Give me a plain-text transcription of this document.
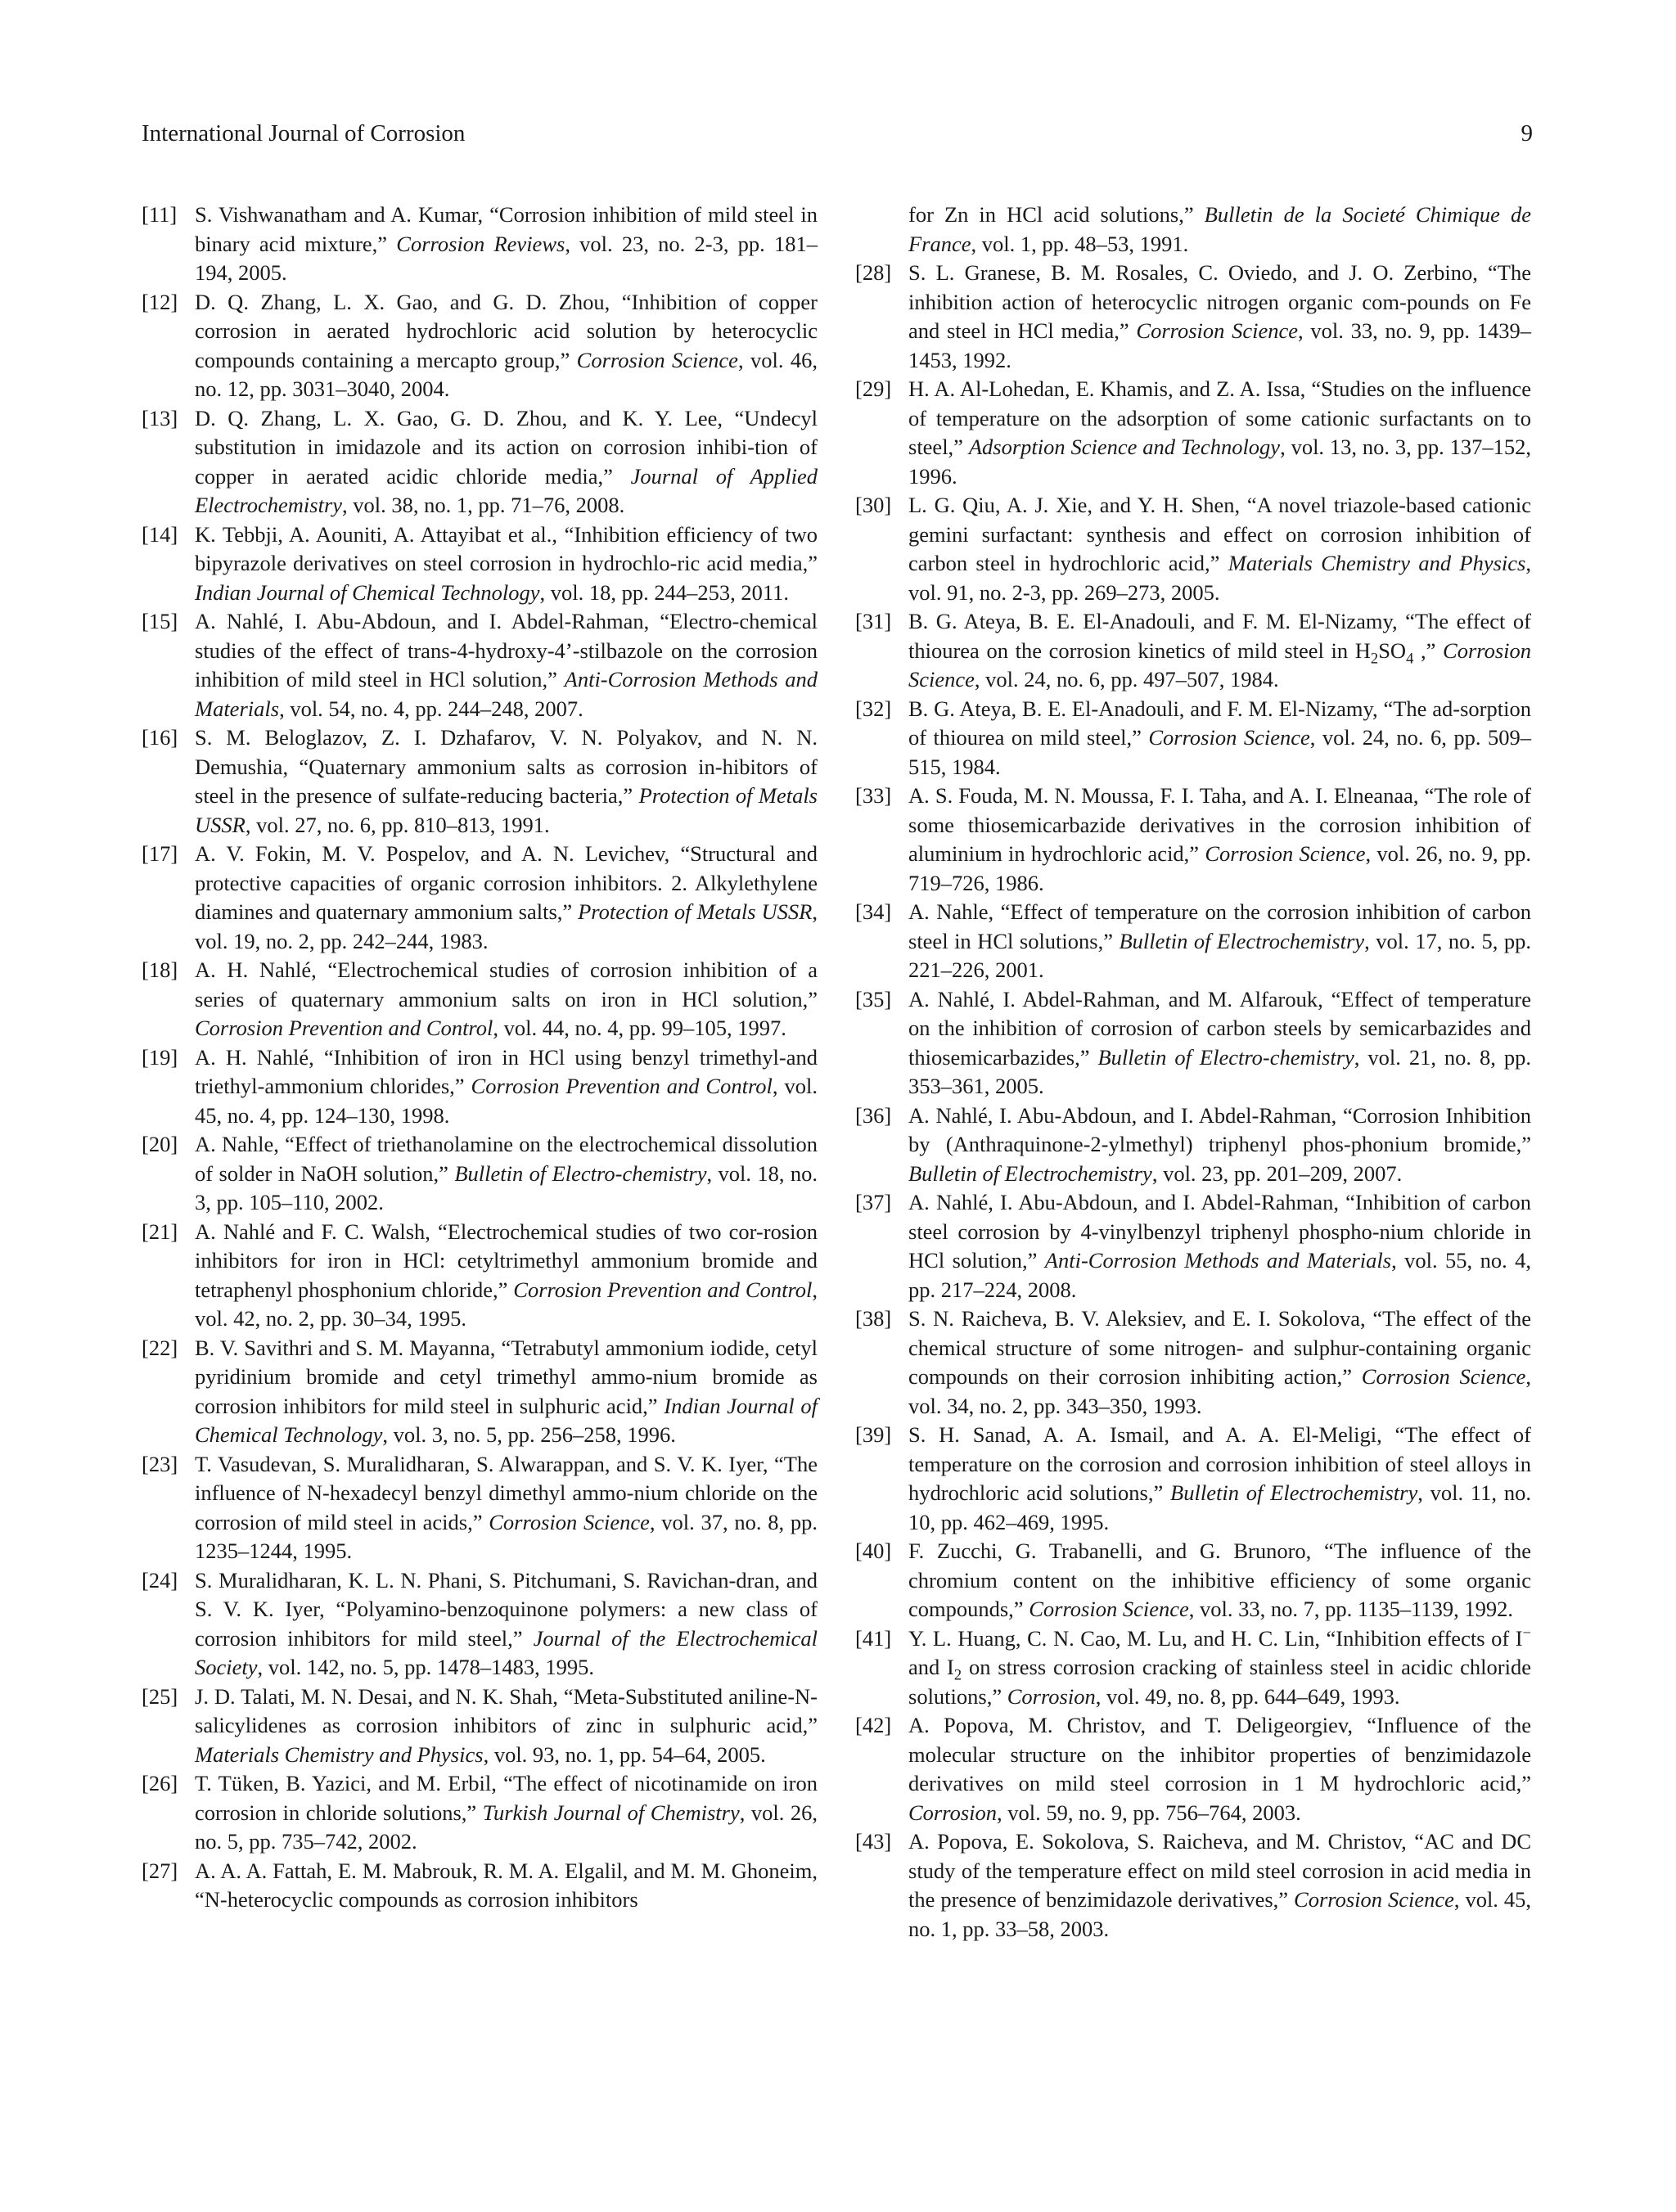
International Journal of Corrosion	9

[11] S. Vishwanatham and A. Kumar, “Corrosion inhibition of mild steel in binary acid mixture,” Corrosion Reviews, vol. 23, no. 2-3, pp. 181–194, 2005.

[12] D. Q. Zhang, L. X. Gao, and G. D. Zhou, “Inhibition of copper corrosion in aerated hydrochloric acid solution by heterocyclic compounds containing a mercapto group,” Corrosion Science, vol. 46, no. 12, pp. 3031–3040, 2004.

[13] D. Q. Zhang, L. X. Gao, G. D. Zhou, and K. Y. Lee, “Undecyl substitution in imidazole and its action on corrosion inhibi-tion of copper in aerated acidic chloride media,” Journal of Applied Electrochemistry, vol. 38, no. 1, pp. 71–76, 2008.

[14] K. Tebbji, A. Aouniti, A. Attayibat et al., “Inhibition efficiency of two bipyrazole derivatives on steel corrosion in hydrochlo-ric acid media,” Indian Journal of Chemical Technology, vol. 18, pp. 244–253, 2011.

[15] A. Nahlé, I. Abu-Abdoun, and I. Abdel-Rahman, “Electro-chemical studies of the effect of trans-4-hydroxy-4’-stilbazole on the corrosion inhibition of mild steel in HCl solution,” Anti-Corrosion Methods and Materials, vol. 54, no. 4, pp. 244–248, 2007.

[16] S. M. Beloglazov, Z. I. Dzhafarov, V. N. Polyakov, and N. N. Demushia, “Quaternary ammonium salts as corrosion in-hibitors of steel in the presence of sulfate-reducing bacteria,” Protection of Metals USSR, vol. 27, no. 6, pp. 810–813, 1991.

[17] A. V. Fokin, M. V. Pospelov, and A. N. Levichev, “Structural and protective capacities of organic corrosion inhibitors. 2. Alkylethylene diamines and quaternary ammonium salts,” Protection of Metals USSR, vol. 19, no. 2, pp. 242–244, 1983.

[18] A. H. Nahlé, “Electrochemical studies of corrosion inhibition of a series of quaternary ammonium salts on iron in HCl solution,” Corrosion Prevention and Control, vol. 44, no. 4, pp. 99–105, 1997.

[19] A. H. Nahlé, “Inhibition of iron in HCl using benzyl trimethyl-and triethyl-ammonium chlorides,” Corrosion Prevention and Control, vol. 45, no. 4, pp. 124–130, 1998.

[20] A. Nahle, “Effect of triethanolamine on the electrochemical dissolution of solder in NaOH solution,” Bulletin of Electro-chemistry, vol. 18, no. 3, pp. 105–110, 2002.

[21] A. Nahlé and F. C. Walsh, “Electrochemical studies of two cor-rosion inhibitors for iron in HCl: cetyltrimethyl ammonium bromide and tetraphenyl phosphonium chloride,” Corrosion Prevention and Control, vol. 42, no. 2, pp. 30–34, 1995.

[22] B. V. Savithri and S. M. Mayanna, “Tetrabutyl ammonium iodide, cetyl pyridinium bromide and cetyl trimethyl ammo-nium bromide as corrosion inhibitors for mild steel in sulphuric acid,” Indian Journal of Chemical Technology, vol. 3, no. 5, pp. 256–258, 1996.

[23] T. Vasudevan, S. Muralidharan, S. Alwarappan, and S. V. K. Iyer, “The influence of N-hexadecyl benzyl dimethyl ammo-nium chloride on the corrosion of mild steel in acids,” Corrosion Science, vol. 37, no. 8, pp. 1235–1244, 1995.

[24] S. Muralidharan, K. L. N. Phani, S. Pitchumani, S. Ravichan-dran, and S. V. K. Iyer, “Polyamino-benzoquinone polymers: a new class of corrosion inhibitors for mild steel,” Journal of the Electrochemical Society, vol. 142, no. 5, pp. 1478–1483, 1995.

[25] J. D. Talati, M. N. Desai, and N. K. Shah, “Meta-Substituted aniline-N-salicylidenes as corrosion inhibitors of zinc in sulphuric acid,” Materials Chemistry and Physics, vol. 93, no. 1, pp. 54–64, 2005.

[26] T. Tüken, B. Yazici, and M. Erbil, “The effect of nicotinamide on iron corrosion in chloride solutions,” Turkish Journal of Chemistry, vol. 26, no. 5, pp. 735–742, 2002.

[27] A. A. A. Fattah, E. M. Mabrouk, R. M. A. Elgalil, and M. M. Ghoneim, “N-heterocyclic compounds as corrosion inhibitors

for Zn in HCl acid solutions,” Bulletin de la Societé Chimique de France, vol. 1, pp. 48–53, 1991.

[28] S. L. Granese, B. M. Rosales, C. Oviedo, and J. O. Zerbino, “The inhibition action of heterocyclic nitrogen organic com-pounds on Fe and steel in HCl media,” Corrosion Science, vol. 33, no. 9, pp. 1439–1453, 1992.

[29] H. A. Al-Lohedan, E. Khamis, and Z. A. Issa, “Studies on the influence of temperature on the adsorption of some cationic surfactants on to steel,” Adsorption Science and Technology, vol. 13, no. 3, pp. 137–152, 1996.

[30] L. G. Qiu, A. J. Xie, and Y. H. Shen, “A novel triazole-based cationic gemini surfactant: synthesis and effect on corrosion inhibition of carbon steel in hydrochloric acid,” Materials Chemistry and Physics, vol. 91, no. 2-3, pp. 269–273, 2005.

[31] B. G. Ateya, B. E. El-Anadouli, and F. M. El-Nizamy, “The effect of thiourea on the corrosion kinetics of mild steel in $H_2SO_4$ ,” Corrosion Science, vol. 24, no. 6, pp. 497–507, 1984.

[32] B. G. Ateya, B. E. El-Anadouli, and F. M. El-Nizamy, “The ad-sorption of thiourea on mild steel,” Corrosion Science, vol. 24, no. 6, pp. 509–515, 1984.

[33] A. S. Fouda, M. N. Moussa, F. I. Taha, and A. I. Elneanaa, “The role of some thiosemicarbazide derivatives in the corrosion inhibition of aluminium in hydrochloric acid,” Corrosion Science, vol. 26, no. 9, pp. 719–726, 1986.

[34] A. Nahle, “Effect of temperature on the corrosion inhibition of carbon steel in HCl solutions,” Bulletin of Electrochemistry, vol. 17, no. 5, pp. 221–226, 2001.

[35] A. Nahlé, I. Abdel-Rahman, and M. Alfarouk, “Effect of temperature on the inhibition of corrosion of carbon steels by semicarbazides and thiosemicarbazides,” Bulletin of Electro-chemistry, vol. 21, no. 8, pp. 353–361, 2005.

[36] A. Nahlé, I. Abu-Abdoun, and I. Abdel-Rahman, “Corrosion Inhibition by (Anthraquinone-2-ylmethyl) triphenyl phos-phonium bromide,” Bulletin of Electrochemistry, vol. 23, pp. 201–209, 2007.

[37] A. Nahlé, I. Abu-Abdoun, and I. Abdel-Rahman, “Inhibition of carbon steel corrosion by 4-vinylbenzyl triphenyl phospho-nium chloride in HCl solution,” Anti-Corrosion Methods and Materials, vol. 55, no. 4, pp. 217–224, 2008.

[38] S. N. Raicheva, B. V. Aleksiev, and E. I. Sokolova, “The effect of the chemical structure of some nitrogen- and sulphur-containing organic compounds on their corrosion inhibiting action,” Corrosion Science, vol. 34, no. 2, pp. 343–350, 1993.

[39] S. H. Sanad, A. A. Ismail, and A. A. El-Meligi, “The effect of temperature on the corrosion and corrosion inhibition of steel alloys in hydrochloric acid solutions,” Bulletin of Electrochemistry, vol. 11, no. 10, pp. 462–469, 1995.

[40] F. Zucchi, G. Trabanelli, and G. Brunoro, “The influence of the chromium content on the inhibitive efficiency of some organic compounds,” Corrosion Science, vol. 33, no. 7, pp. 1135–1139, 1992.

[41] Y. L. Huang, C. N. Cao, M. Lu, and H. C. Lin, “Inhibition effects of I− and $I_2$ on stress corrosion cracking of stainless steel in acidic chloride solutions,” Corrosion, vol. 49, no. 8, pp. 644–649, 1993.

[42] A. Popova, M. Christov, and T. Deligeorgiev, “Influence of the molecular structure on the inhibitor properties of benzimidazole derivatives on mild steel corrosion in 1 M hydrochloric acid,” Corrosion, vol. 59, no. 9, pp. 756–764, 2003.

[43] A. Popova, E. Sokolova, S. Raicheva, and M. Christov, “AC and DC study of the temperature effect on mild steel corrosion in acid media in the presence of benzimidazole derivatives,” Corrosion Science, vol. 45, no. 1, pp. 33–58, 2003.
